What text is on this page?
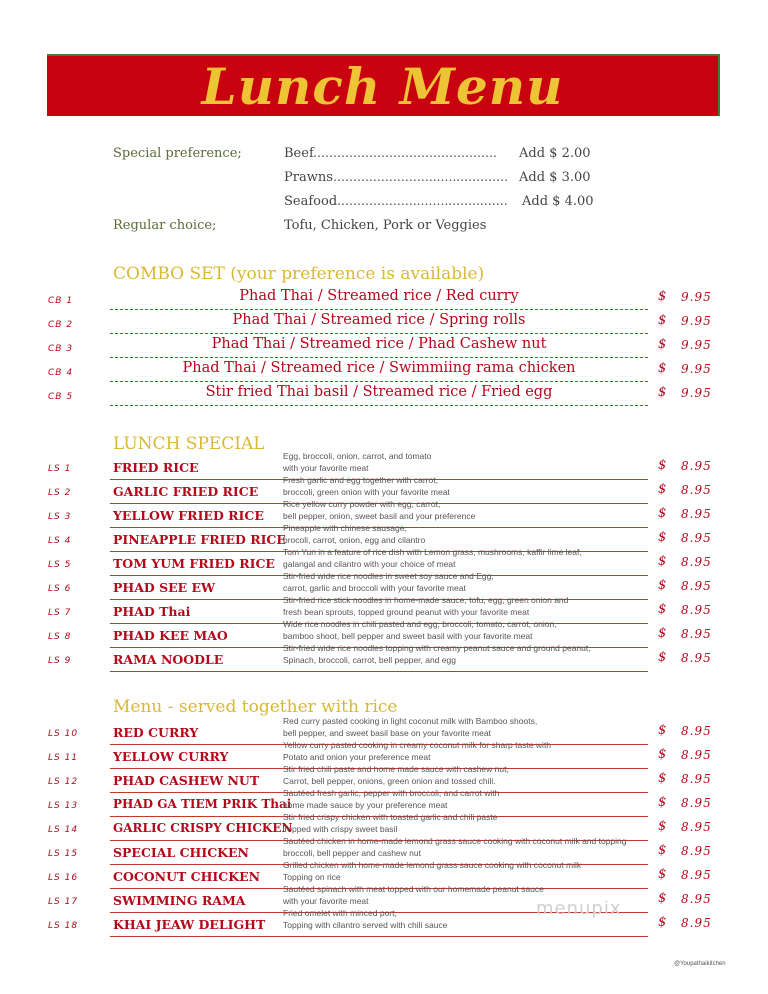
Lunch Menu
Special preference;	Beef ………………………………………. Add $ 2.00
Prawns ……….……………..…..………… Add $ 3.00
Seafood ………….……..……..……..…… Add $ 4.00
Regular choice;	Tofu, Chicken, Pork or Veggies
COMBO SET (your preference is available)
CB 1	Phad Thai / Streamed rice / Red curry	$ 9.95
CB 2	Phad Thai / Streamed rice / Spring rolls	$ 9.95
CB 3	Phad Thai / Streamed rice / Phad Cashew nut	$ 9.95
CB 4	Phad Thai / Streamed rice / Swimmiing rama chicken	$ 9.95
CB 5	Stir fried Thai basil / Streamed rice / Fried egg	$ 9.95
LUNCH SPECIAL
LS 1	FRIED RICE
Egg, broccoli, onion, carrot, and tomato
with your favorite meat	$ 8.95
LS 2	GARLIC FRIED RICE
Fresh garlic and egg together with carrot,
broccoli, green onion with your favorite meat	$ 8.95
LS 3	YELLOW FRIED RICE
Rice yellow curry powder with egg, carrot,
bell pepper, onion, sweet basil and your preference	$ 8.95
LS 4	PINEAPPLE FRIED RICE
Pineapple with chinese sausage,
brocoli, carrot, onion, egg and cilantro	$ 8.95
LS 5	TOM YUM FRIED RICE
Tom Yun in a feature of rice dish with Lemon grass, mushrooms, kaffir lime leaf,
galangal and cilantro with your choice of meat	$ 8.95
LS 6	PHAD SEE EW
Stir-fried wide rice noodles in sweet soy sauce and Egg,
carrot, garlic and broccoli with your favorite meat	$ 8.95
LS 7	PHAD Thai
Stir-fried rice stick noodles in home-made sauce, tofu, egg, green onion and
fresh bean sprouts, topped ground peanut with your favorite meat	$ 8.95
LS 8	PHAD KEE MAO
Wide rice noodles in chili pasted and egg, broccoli, tomato, carrot, onion,
bamboo shoot, bell pepper and sweet basil with your favorite meat	$ 8.95
LS 9	RAMA NOODLE
Stir-fried wide rice noodles topping with creamy peanut sauce and ground peanut,
Spinach, broccoli, carrot, bell pepper, and egg	$ 8.95
Menu - served together with rice
LS 10	RED CURRY
Red curry pasted cooking in light coconut milk with Bamboo shoots,
bell pepper, and sweet basil base on your favorite meat	$ 8.95
LS 11	YELLOW CURRY
Yellow curry pasted cooking in creamy coconut milk for sharp taste with
Potato and onion your preference meat	$ 8.95
LS 12	PHAD CASHEW NUT
Stir fried chili paste and home made sauce with cashew nut,
Carrot, bell pepper, onions, green onion and tossed chili.	$ 8.95
LS 13	PHAD GA TIEM PRIK Thai
Sautéed fresh garlic, pepper with broccoli, and carrot with
home made sauce by your preference meat	$ 8.95
LS 14	GARLIC CRISPY CHICKEN
Stir fried crispy chicken with toasted garlic and chili paste
Topped with crispy sweet basil	$ 8.95
LS 15	SPECIAL CHICKEN
Sautéed chicken in home-made lemond grass sauce cooking with coconut milk and topping
broccoli, bell pepper and cashew nut	$ 8.95
LS 16	COCONUT CHICKEN
Grilled chicken with home-made lemond grass sauce cooking with coconut milk
Topping on rice	$ 8.95
LS 17	SWIMMING RAMA
Sautéed spinach with meat topped with our homemade peanut sauce
with your favorite meat	$ 8.95
LS 18	KHAI JEAW DELIGHT
Fried omelet with minced port,
Topping with cilantro served with chili sauce	$ 8.95
menupix
@Youpathaikitchen
